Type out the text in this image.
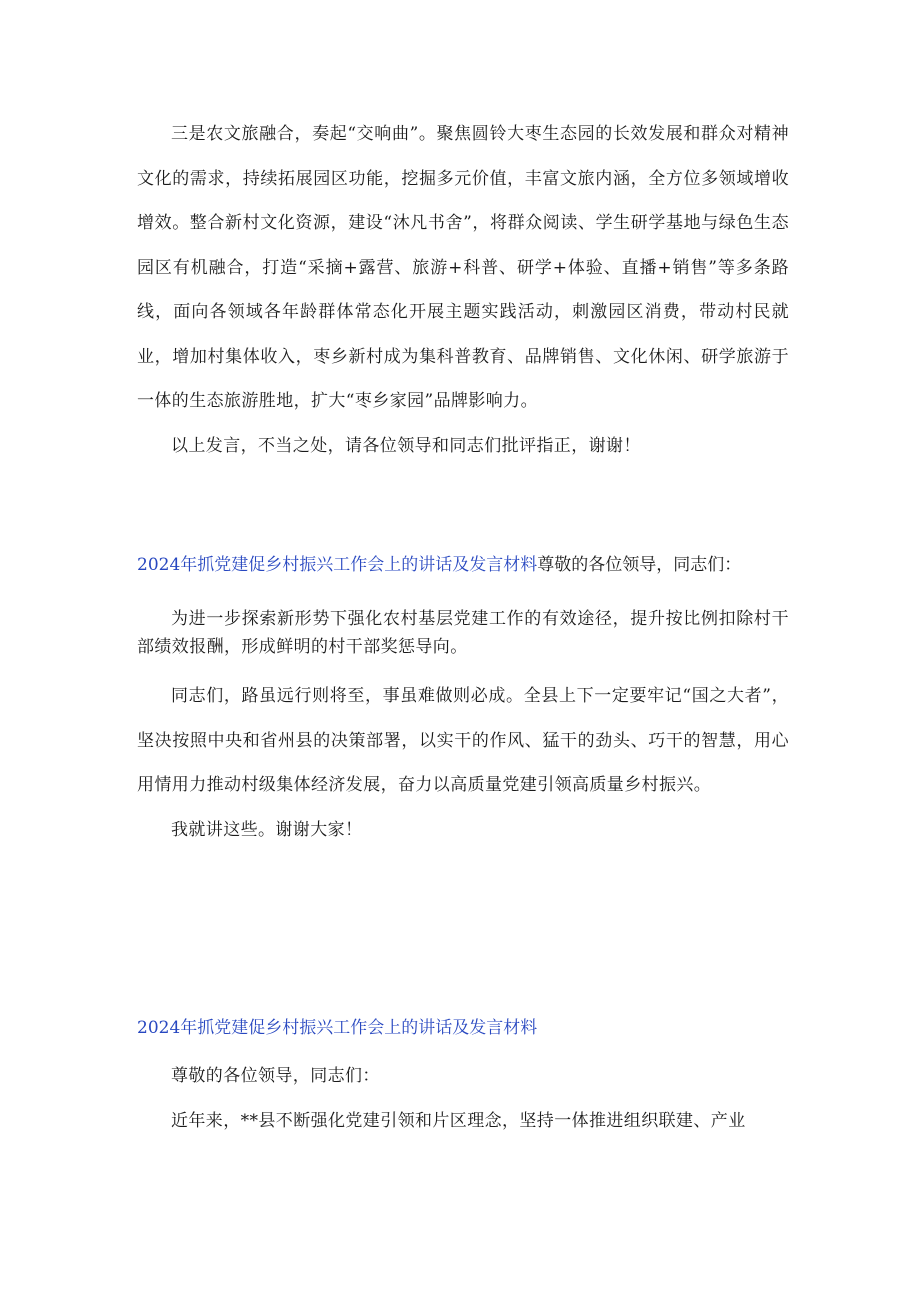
三是农文旅融合，奏起“交响曲”。聚焦圆铃大枣生态园的长效发展和群众对精神文化的需求，持续拓展园区功能，挖掘多元价值，丰富文旅内涵，全方位多领域增收增效。整合新村文化资源，建设“沐凡书舍”，将群众阅读、学生研学基地与绿色生态园区有机融合，打造“采摘+露营、旅游+科普、研学+体验、直播+销售”等多条路线，面向各领域各年龄群体常态化开展主题实践活动，刺激园区消费，带动村民就业，增加村集体收入，枣乡新村成为集科普教育、品牌销售、文化休闲、研学旅游于一体的生态旅游胜地，扩大“枣乡家园”品牌影响力。

以上发言，不当之处，请各位领导和同志们批评指正，谢谢！

2024年抓党建促乡村振兴工作会上的讲话及发言材料尊敬的各位领导，同志们：

为进一步探索新形势下强化农村基层党建工作的有效途径，提升按比例扣除村干部绩效报酬，形成鲜明的村干部奖惩导向。

同志们，路虽远行则将至，事虽难做则必成。全县上下一定要牢记“国之大者”，坚决按照中央和省州县的决策部署，以实干的作风、猛干的劲头、巧干的智慧，用心用情用力推动村级集体经济发展，奋力以高质量党建引领高质量乡村振兴。

我就讲这些。谢谢大家！

2024年抓党建促乡村振兴工作会上的讲话及发言材料

尊敬的各位领导，同志们：

近年来，**县不断强化党建引领和片区理念，坚持一体推进组织联建、产业
